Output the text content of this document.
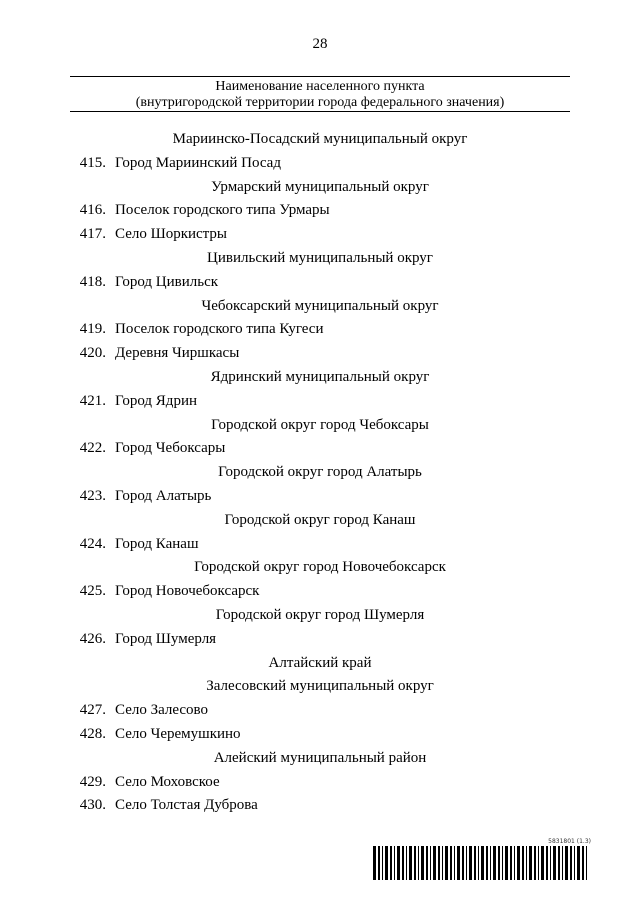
28
Наименование населенного пункта
(внутригородской территории города федерального значения)
Мариинско-Посадский муниципальный округ
415. Город Мариинский Посад
Урмарский муниципальный округ
416. Поселок городского типа Урмары
417. Село Шоркистры
Цивильский муниципальный округ
418. Город Цивильск
Чебоксарский муниципальный округ
419. Поселок городского типа Кугеси
420. Деревня Чиршкасы
Ядринский муниципальный округ
421. Город Ядрин
Городской округ город Чебоксары
422. Город Чебоксары
Городской округ город Алатырь
423. Город Алатырь
Городской округ город Канаш
424. Город Канаш
Городской округ город Новочебоксарск
425. Город Новочебоксарск
Городской округ город Шумерля
426. Город Шумерля
Алтайский край
Залесовский муниципальный округ
427. Село Залесово
428. Село Черемушкино
Алейский муниципальный район
429. Село Моховское
430. Село Толстая Дуброва
5831801 (1.3)
